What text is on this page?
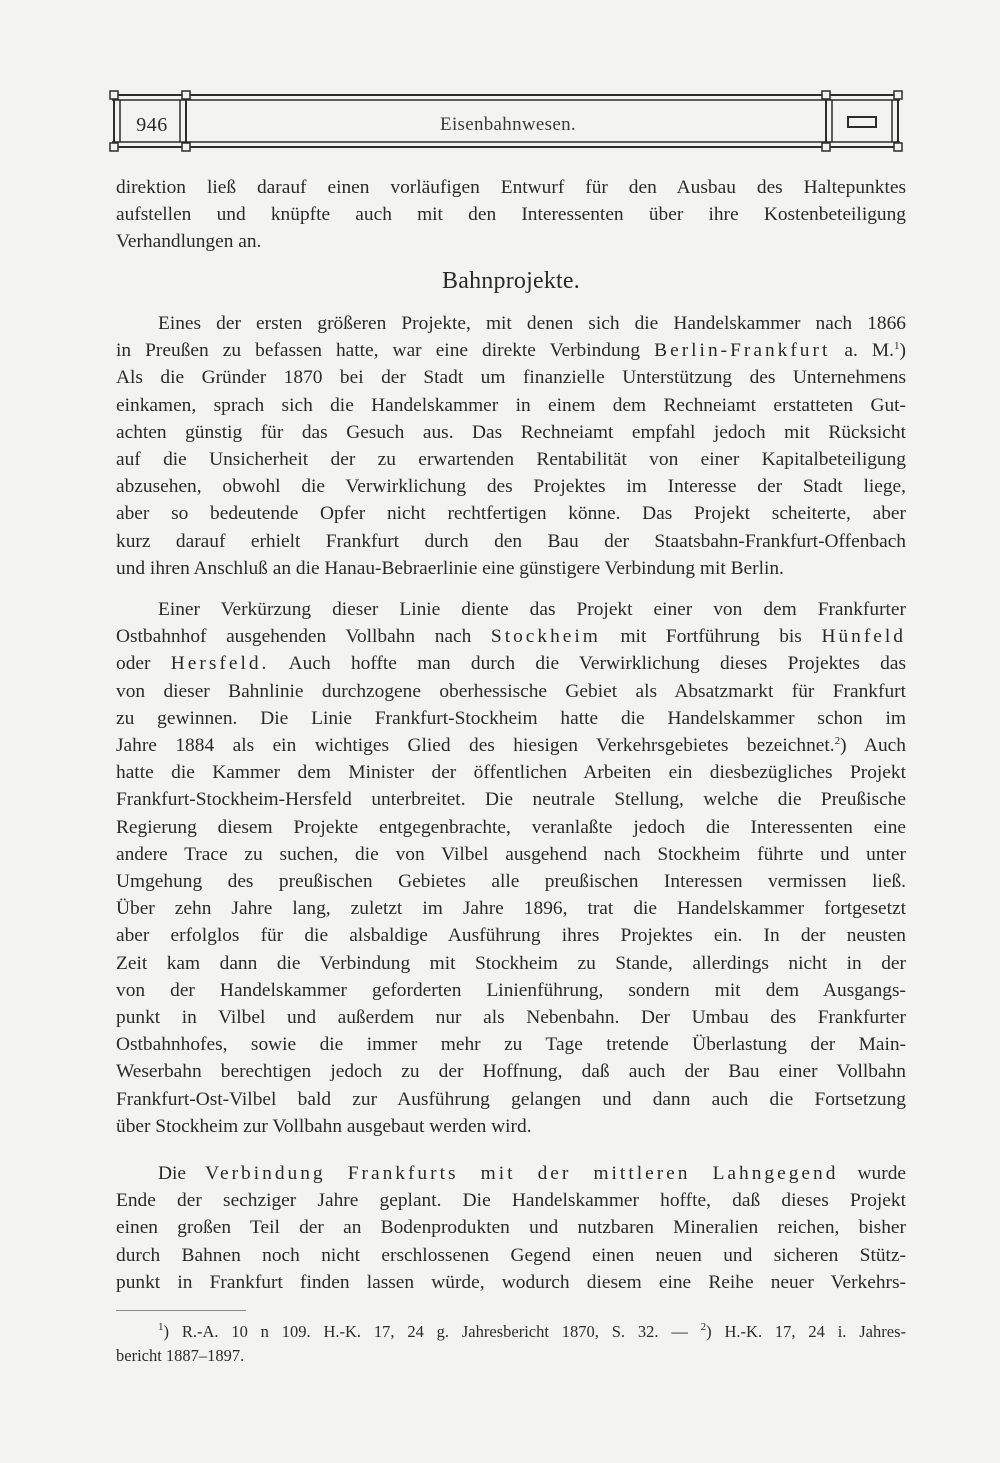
946	Eisenbahnwesen.
direktion ließ darauf einen vorläufigen Entwurf für den Ausbau des Haltepunktes
aufstellen und knüpfte auch mit den Interessenten über ihre Kostenbeteiligung
Verhandlungen an.
Bahnprojekte.
Eines der ersten größeren Projekte, mit denen sich die Handelskammer nach 1866
in Preußen zu befassen hatte, war eine direkte Verbindung Berlin-Frankfurt a. M.$^1$)
Als die Gründer 1870 bei der Stadt um finanzielle Unterstützung des Unternehmens
einkamen, sprach sich die Handelskammer in einem dem Rechneiamt erstatteten Gut-
achten günstig für das Gesuch aus. Das Rechneiamt empfahl jedoch mit Rücksicht
auf die Unsicherheit der zu erwartenden Rentabilität von einer Kapitalbeteiligung
abzusehen, obwohl die Verwirklichung des Projektes im Interesse der Stadt liege,
aber so bedeutende Opfer nicht rechtfertigen könne. Das Projekt scheiterte, aber
kurz darauf erhielt Frankfurt durch den Bau der Staatsbahn-Frankfurt-Offenbach
und ihren Anschluß an die Hanau-Bebraerlinie eine günstigere Verbindung mit Berlin.
Einer Verkürzung dieser Linie diente das Projekt einer von dem Frankfurter
Ostbahnhof ausgehenden Vollbahn nach Stockheim mit Fortführung bis Hünfeld
oder Hersfeld. Auch hoffte man durch die Verwirklichung dieses Projektes das
von dieser Bahnlinie durchzogene oberhessische Gebiet als Absatzmarkt für Frankfurt
zu gewinnen. Die Linie Frankfurt-Stockheim hatte die Handelskammer schon im
Jahre 1884 als ein wichtiges Glied des hiesigen Verkehrsgebietes bezeichnet.$^2$) Auch
hatte die Kammer dem Minister der öffentlichen Arbeiten ein diesbezügliches Projekt
Frankfurt-Stockheim-Hersfeld unterbreitet. Die neutrale Stellung, welche die Preußische
Regierung diesem Projekte entgegenbrachte, veranlaßte jedoch die Interessenten eine
andere Trace zu suchen, die von Vilbel ausgehend nach Stockheim führte und unter
Umgehung des preußischen Gebietes alle preußischen Interessen vermissen ließ.
Über zehn Jahre lang, zuletzt im Jahre 1896, trat die Handelskammer fortgesetzt
aber erfolglos für die alsbaldige Ausführung ihres Projektes ein. In der neusten
Zeit kam dann die Verbindung mit Stockheim zu Stande, allerdings nicht in der
von der Handelskammer geforderten Linienführung, sondern mit dem Ausgangs-
punkt in Vilbel und außerdem nur als Nebenbahn. Der Umbau des Frankfurter
Ostbahnhofes, sowie die immer mehr zu Tage tretende Überlastung der Main-
Weserbahn berechtigen jedoch zu der Hoffnung, daß auch der Bau einer Vollbahn
Frankfurt-Ost-Vilbel bald zur Ausführung gelangen und dann auch die Fortsetzung
über Stockheim zur Vollbahn ausgebaut werden wird.
Die Verbindung Frankfurts mit der mittleren Lahngegend wurde
Ende der sechziger Jahre geplant. Die Handelskammer hoffte, daß dieses Projekt
einen großen Teil der an Bodenprodukten und nutzbaren Mineralien reichen, bisher
durch Bahnen noch nicht erschlossenen Gegend einen neuen und sicheren Stütz-
punkt in Frankfurt finden lassen würde, wodurch diesem eine Reihe neuer Verkehrs-
$^1$) R.-A. 10 n 109. H.-K. 17, 24 g. Jahresbericht 1870, S. 32. — $^2$) H.-K. 17, 24 i. Jahres-
bericht 1887–1897.
